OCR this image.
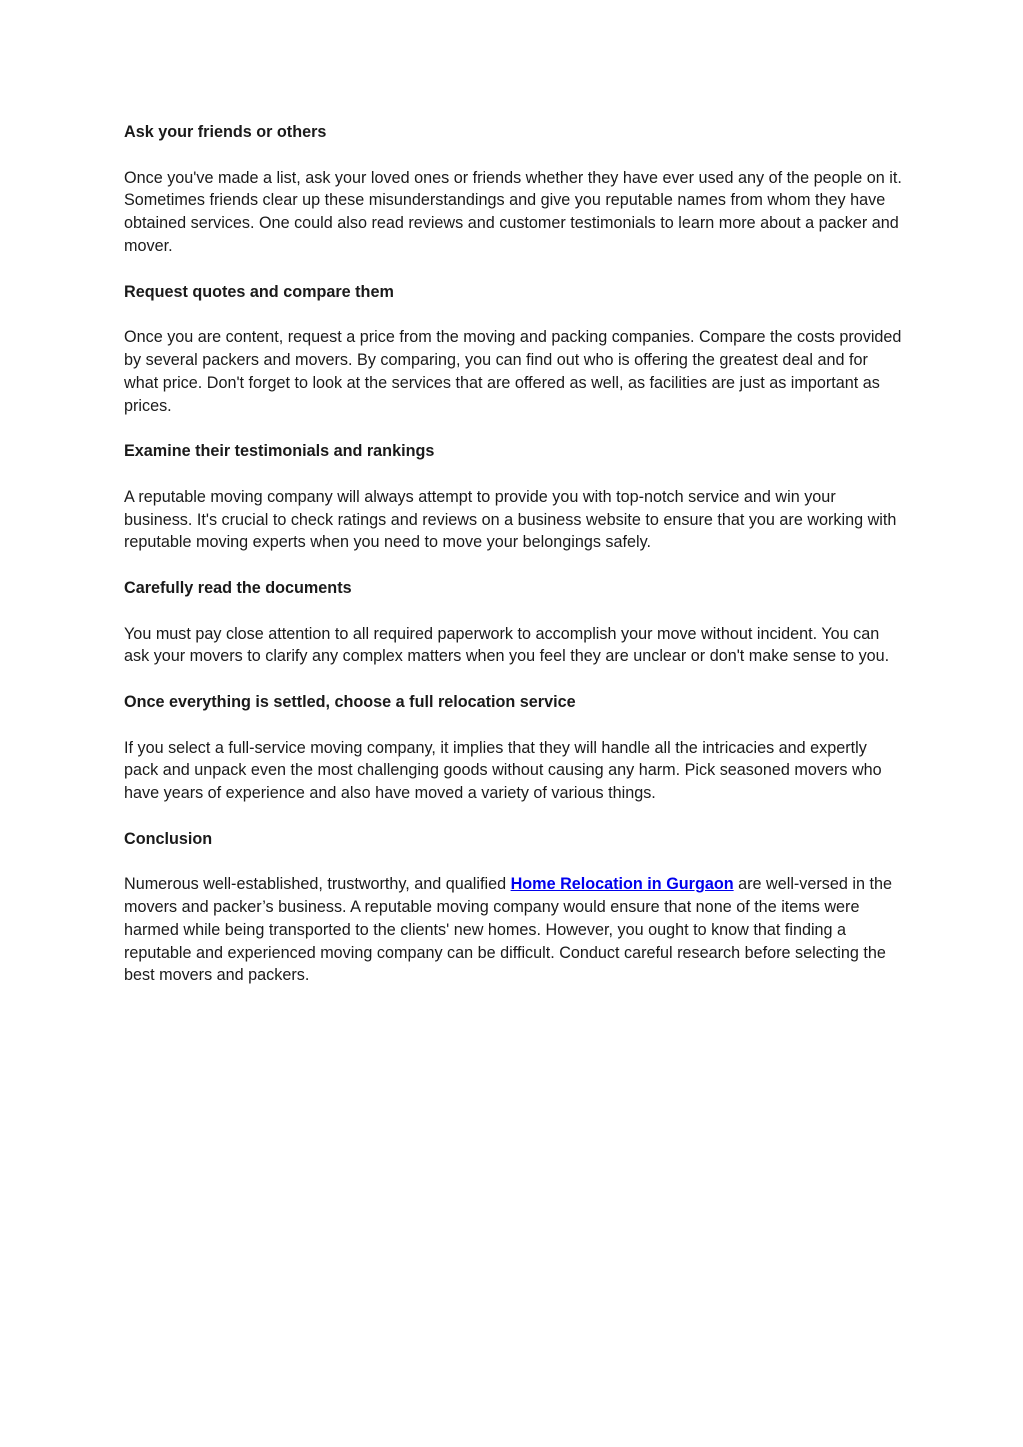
Ask your friends or others

Once you've made a list, ask your loved ones or friends whether they have ever used any of the people on it. Sometimes friends clear up these misunderstandings and give you reputable names from whom they have obtained services. One could also read reviews and customer testimonials to learn more about a packer and mover.

Request quotes and compare them

Once you are content, request a price from the moving and packing companies. Compare the costs provided by several packers and movers. By comparing, you can find out who is offering the greatest deal and for what price. Don't forget to look at the services that are offered as well, as facilities are just as important as prices.

Examine their testimonials and rankings

A reputable moving company will always attempt to provide you with top-notch service and win your business. It's crucial to check ratings and reviews on a business website to ensure that you are working with reputable moving experts when you need to move your belongings safely.

Carefully read the documents

You must pay close attention to all required paperwork to accomplish your move without incident. You can ask your movers to clarify any complex matters when you feel they are unclear or don't make sense to you.

Once everything is settled, choose a full relocation service

If you select a full-service moving company, it implies that they will handle all the intricacies and expertly pack and unpack even the most challenging goods without causing any harm. Pick seasoned movers who have years of experience and also have moved a variety of various things.

Conclusion

Numerous well-established, trustworthy, and qualified Home Relocation in Gurgaon are well-versed in the movers and packer’s business. A reputable moving company would ensure that none of the items were harmed while being transported to the clients' new homes. However, you ought to know that finding a reputable and experienced moving company can be difficult. Conduct careful research before selecting the best movers and packers.
